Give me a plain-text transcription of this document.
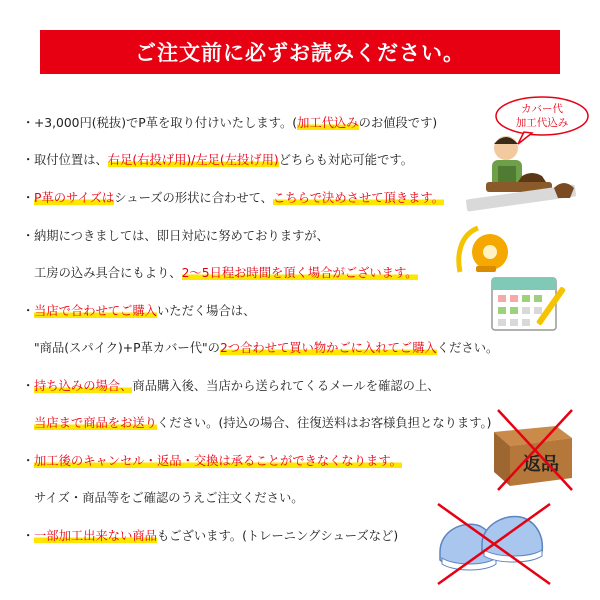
ご注文前に必ずお読みください。
・+3,000円(税抜)でP革を取り付けいたします。(加工代込みのお値段です)
・取付位置は、右足(右投げ用)/左足(左投げ用)どちらも対応可能です。
・P革のサイズはシューズの形状に合わせて、こちらで決めさせて頂きます。
・納期につきましては、即日対応に努めておりますが、
工房の込み具合にもより、2～5日程お時間を頂く場合がございます。
・当店で合わせてご購入いただく場合は、
"商品(スパイク)+P革カバー代"の2つ合わせて買い物かごに入れてご購入ください。
・持ち込みの場合、商品購入後、当店から送られてくるメールを確認の上、
当店まで商品をお送りください。(持込の場合、往復送料はお客様負担となります。)
・加工後のキャンセル・返品・交換は承ることができなくなります。
サイズ・商品等をご確認のうえご注文ください。
・一部加工出来ない商品もございます。(トレーニングシューズなど)
カバー代
加工代込み
返品
